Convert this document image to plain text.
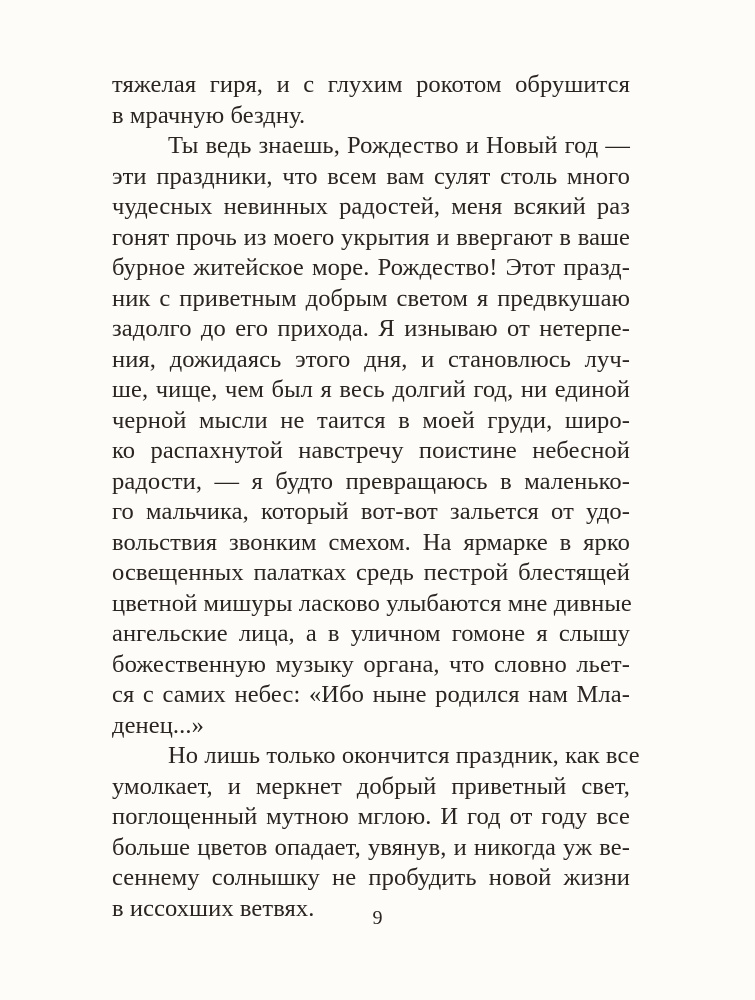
тяжелая гиря, и с глухим рокотом обрушится
в мрачную бездну.
Ты ведь знаешь, Рождество и Новый год —
эти праздники, что всем вам сулят столь много
чудесных невинных радостей, меня всякий раз
гонят прочь из моего укрытия и ввергают в ваше
бурное житейское море. Рождество! Этот празд-
ник с приветным добрым светом я предвкушаю
задолго до его прихода. Я изнываю от нетерпе-
ния, дожидаясь этого дня, и становлюсь луч-
ше, чище, чем был я весь долгий год, ни единой
черной мысли не таится в моей груди, широ-
ко распахнутой навстречу поистине небесной
радости, — я будто превращаюсь в маленько-
го мальчика, который вот-вот зальется от удо-
вольствия звонким смехом. На ярмарке в ярко
освещенных палатках средь пестрой блестящей
цветной мишуры ласково улыбаются мне дивные
ангельские лица, а в уличном гомоне я слышу
божественную музыку органа, что словно льет-
ся с самих небес: «Ибо ныне родился нам Мла-
денец...»
Но лишь только окончится праздник, как все
умолкает, и меркнет добрый приветный свет,
поглощенный мутною мглою. И год от году все
больше цветов опадает, увянув, и никогда уж ве-
сеннему солнышку не пробудить новой жизни
в иссохших ветвях.	9
